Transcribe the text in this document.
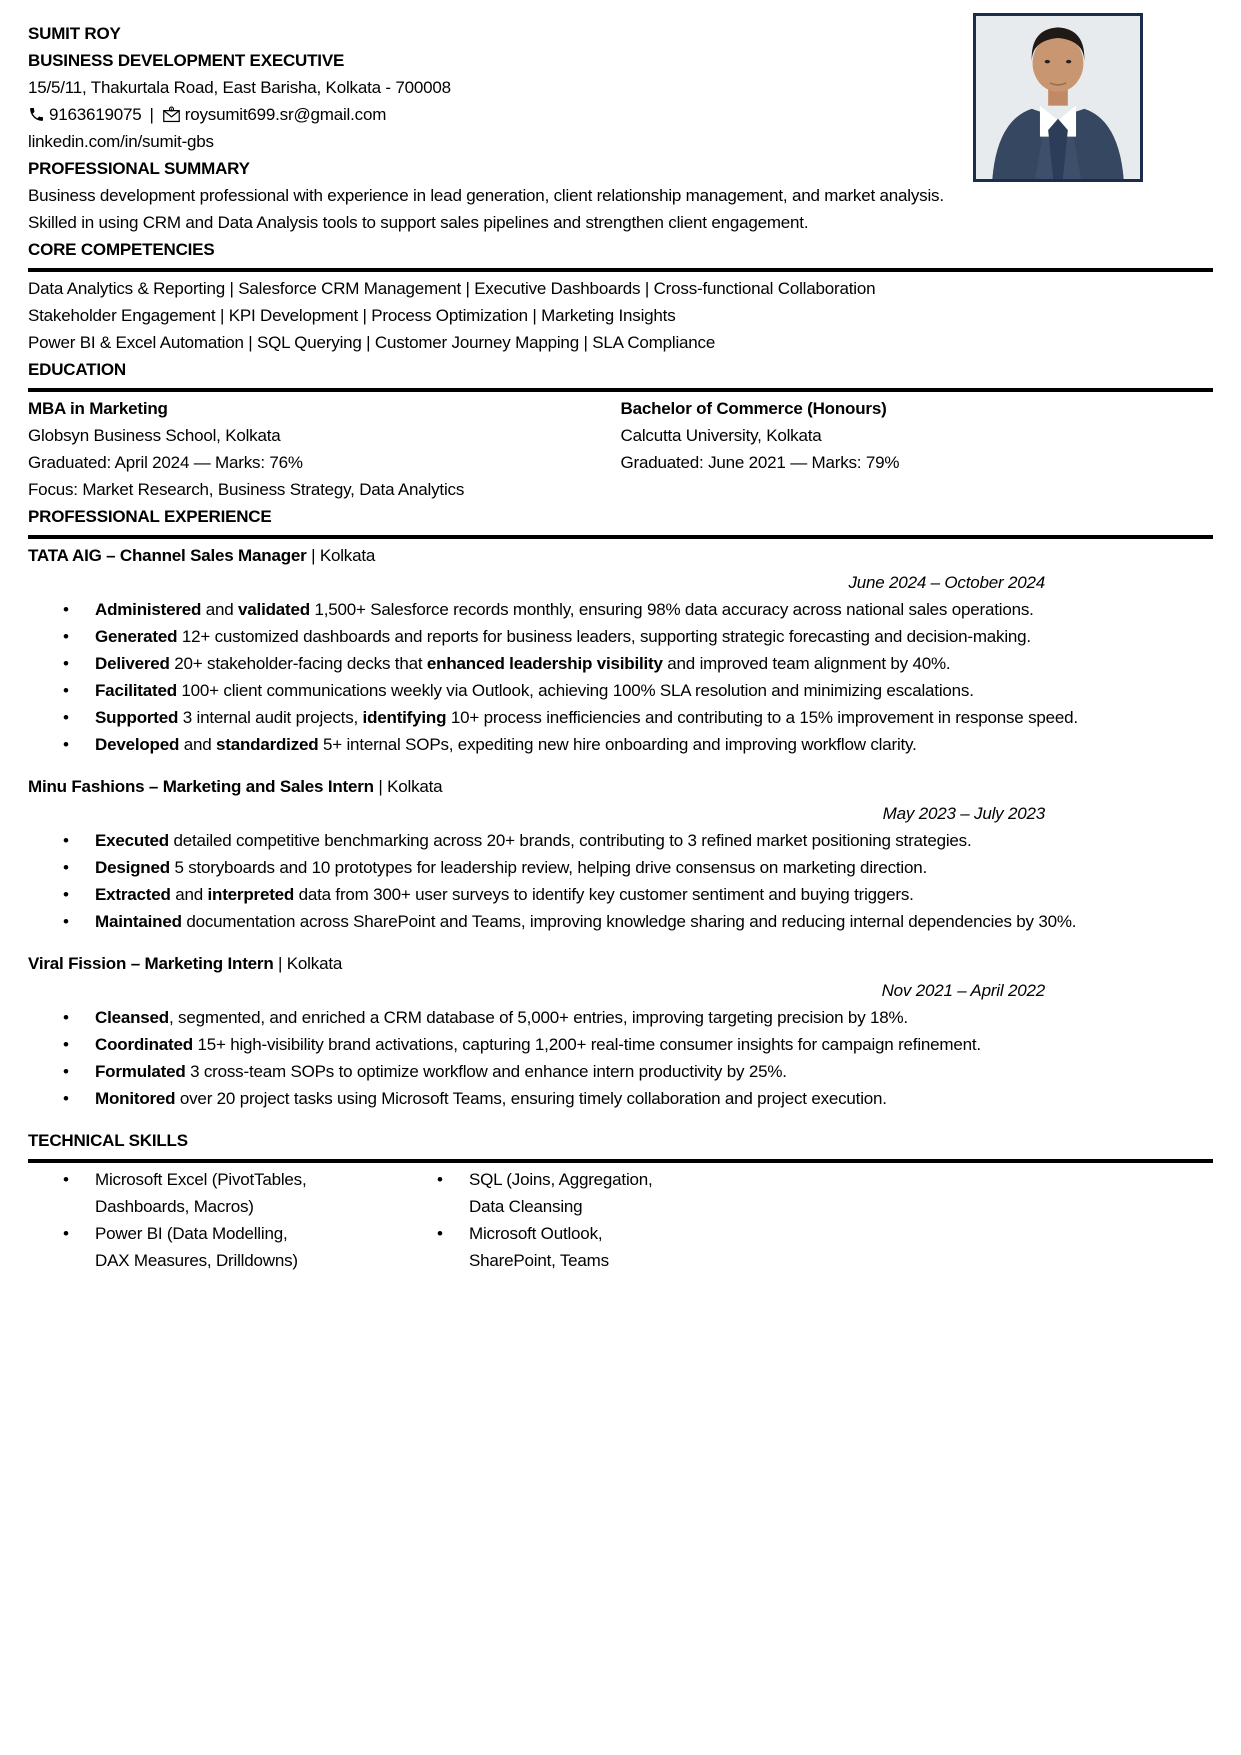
SUMIT ROY
BUSINESS DEVELOPMENT EXECUTIVE
15/5/11, Thakurtala Road, East Barisha, Kolkata - 700008
9163619075 | roysumit699.sr@gmail.com
linkedin.com/in/sumit-gbs
PROFESSIONAL SUMMARY
Business development professional with experience in lead generation, client relationship management, and market analysis.
Skilled in using CRM and Data Analysis tools to support sales pipelines and strengthen client engagement.
CORE COMPETENCIES
Data Analytics & Reporting | Salesforce CRM Management | Executive Dashboards | Cross-functional Collaboration
Stakeholder Engagement | KPI Development | Process Optimization | Marketing Insights
Power BI & Excel Automation | SQL Querying | Customer Journey Mapping | SLA Compliance
EDUCATION
MBA in Marketing
Globsyn Business School, Kolkata
Graduated: April 2024 — Marks: 76%
Focus: Market Research, Business Strategy, Data Analytics
Bachelor of Commerce (Honours)
Calcutta University, Kolkata
Graduated: June 2021 — Marks: 79%
PROFESSIONAL EXPERIENCE
TATA AIG – Channel Sales Manager | Kolkata
June 2024 – October 2024
• Administered and validated 1,500+ Salesforce records monthly, ensuring 98% data accuracy across national sales operations.
• Generated 12+ customized dashboards and reports for business leaders, supporting strategic forecasting and decision-making.
• Delivered 20+ stakeholder-facing decks that enhanced leadership visibility and improved team alignment by 40%.
• Facilitated 100+ client communications weekly via Outlook, achieving 100% SLA resolution and minimizing escalations.
• Supported 3 internal audit projects, identifying 10+ process inefficiencies and contributing to a 15% improvement in response speed.
• Developed and standardized 5+ internal SOPs, expediting new hire onboarding and improving workflow clarity.
Minu Fashions – Marketing and Sales Intern | Kolkata
May 2023 – July 2023
• Executed detailed competitive benchmarking across 20+ brands, contributing to 3 refined market positioning strategies.
• Designed 5 storyboards and 10 prototypes for leadership review, helping drive consensus on marketing direction.
• Extracted and interpreted data from 300+ user surveys to identify key customer sentiment and buying triggers.
• Maintained documentation across SharePoint and Teams, improving knowledge sharing and reducing internal dependencies by 30%.
Viral Fission – Marketing Intern | Kolkata
Nov 2021 – April 2022
• Cleansed, segmented, and enriched a CRM database of 5,000+ entries, improving targeting precision by 18%.
• Coordinated 15+ high-visibility brand activations, capturing 1,200+ real-time consumer insights for campaign refinement.
• Formulated 3 cross-team SOPs to optimize workflow and enhance intern productivity by 25%.
• Monitored over 20 project tasks using Microsoft Teams, ensuring timely collaboration and project execution.
TECHNICAL SKILLS
• Microsoft Excel (PivotTables,
Dashboards, Macros)
• Power BI (Data Modelling,
DAX Measures, Drilldowns)
• SQL (Joins, Aggregation,
Data Cleansing
• Microsoft Outlook,
SharePoint, Teams
